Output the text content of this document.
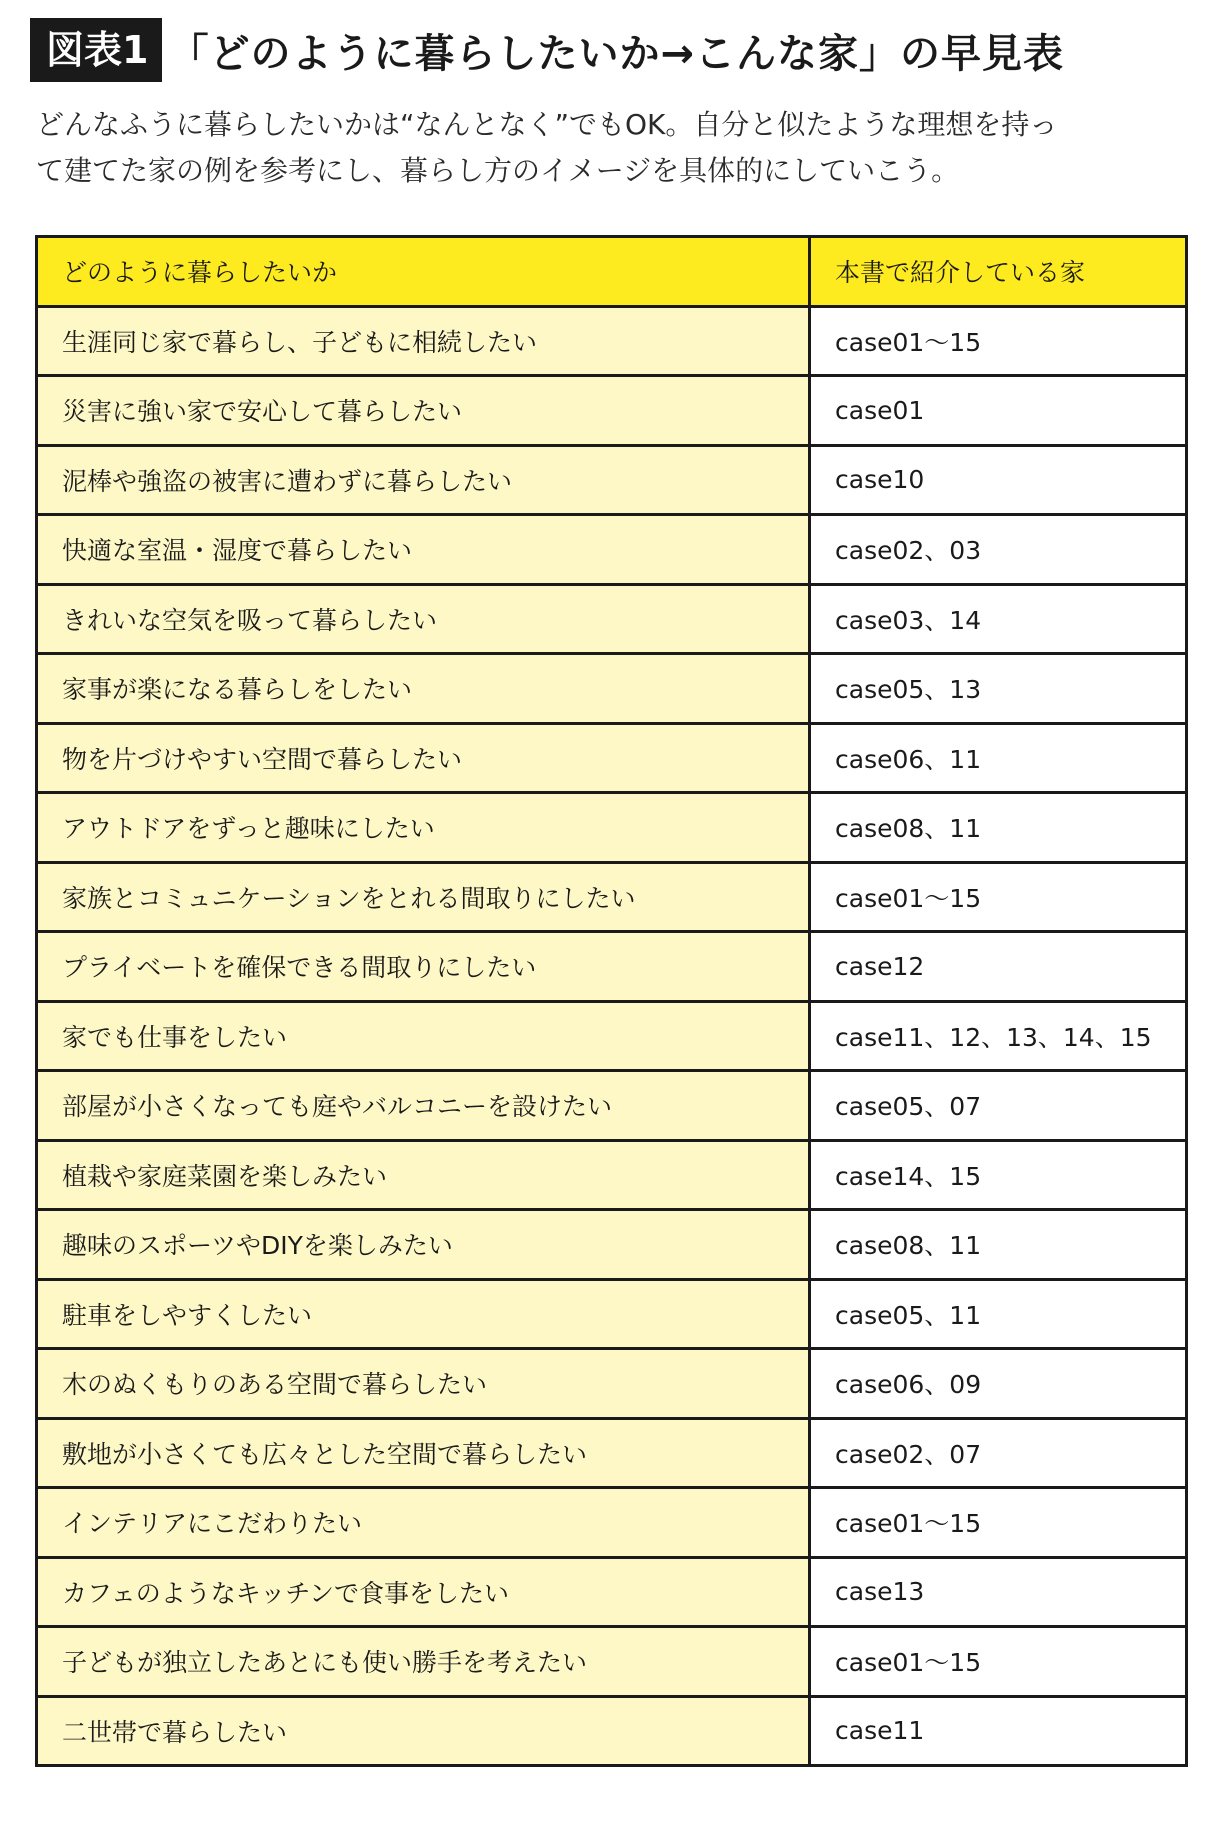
図表1 「どのように暮らしたいか→こんな家」の早見表

どんなふうに暮らしたいかは“なんとなく”でもOK。自分と似たような理想を持っ

て建てた家の例を参考にし、暮らし方のイメージを具体的にしていこう。

どのように暮らしたいか	本書で紹介している家
生涯同じ家で暮らし、子どもに相続したい	case01～15
災害に強い家で安心して暮らしたい	case01
泥棒や強盗の被害に遭わずに暮らしたい	case10
快適な室温・湿度で暮らしたい	case02、03
きれいな空気を吸って暮らしたい	case03、14
家事が楽になる暮らしをしたい	case05、13
物を片づけやすい空間で暮らしたい	case06、11
アウトドアをずっと趣味にしたい	case08、11
家族とコミュニケーションをとれる間取りにしたい	case01～15
プライベートを確保できる間取りにしたい	case12
家でも仕事をしたい	case11、12、13、14、15
部屋が小さくなっても庭やバルコニーを設けたい	case05、07
植栽や家庭菜園を楽しみたい	case14、15
趣味のスポーツやDIYを楽しみたい	case08、11
駐車をしやすくしたい	case05、11
木のぬくもりのある空間で暮らしたい	case06、09
敷地が小さくても広々とした空間で暮らしたい	case02、07
インテリアにこだわりたい	case01～15
カフェのようなキッチンで食事をしたい	case13
子どもが独立したあとにも使い勝手を考えたい	case01～15
二世帯で暮らしたい	case11
